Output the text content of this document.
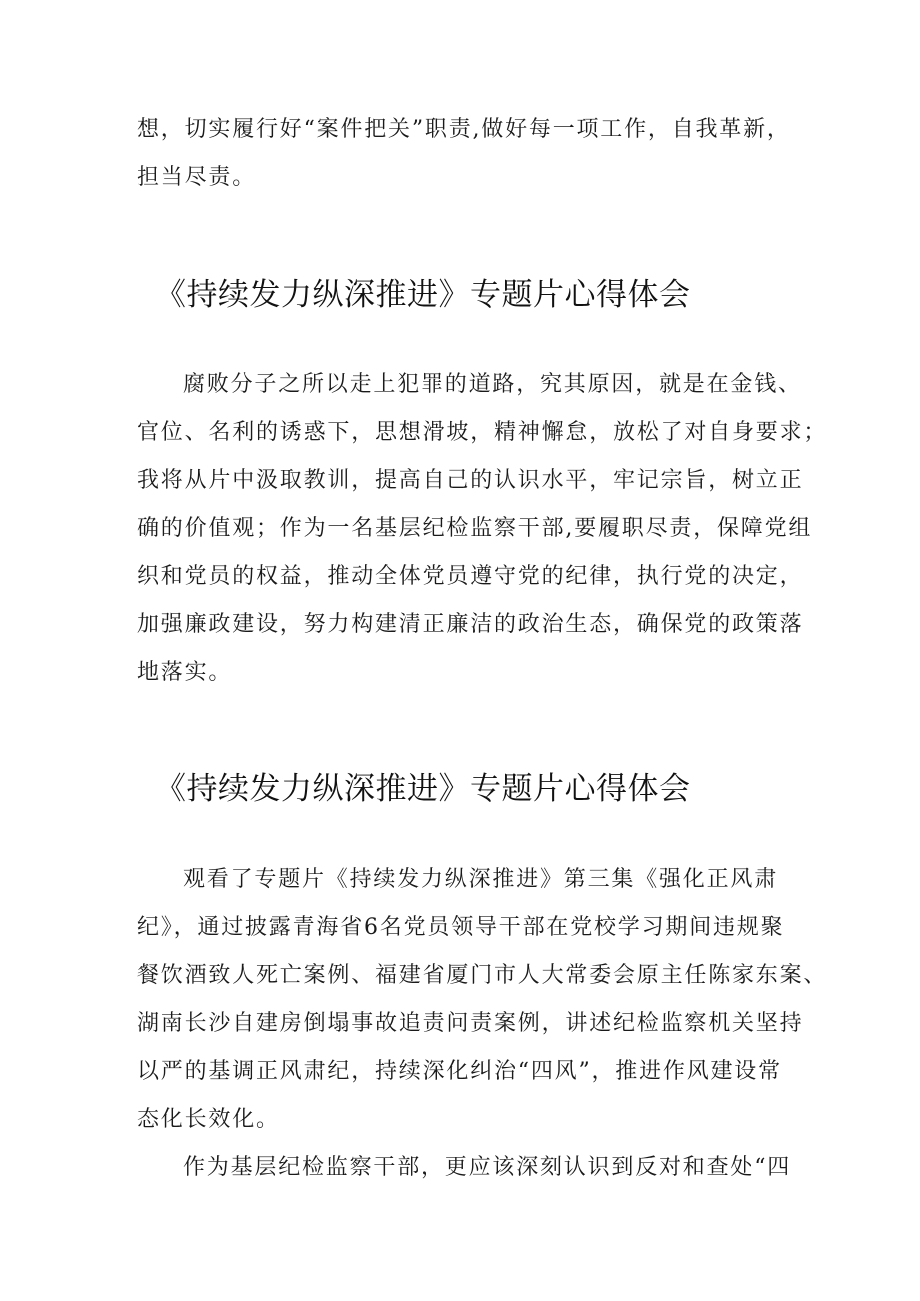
想，切实履行好“案件把关”职责,做好每一项工作，自我革新，
担当尽责。
《持续发力纵深推进》专题片心得体会
腐败分子之所以走上犯罪的道路，究其原因，就是在金钱、
官位、名利的诱惑下，思想滑坡，精神懈怠，放松了对自身要求；
我将从片中汲取教训，提高自己的认识水平，牢记宗旨，树立正
确的价值观；作为一名基层纪检监察干部,要履职尽责，保障党组
织和党员的权益，推动全体党员遵守党的纪律，执行党的决定，
加强廉政建设，努力构建清正廉洁的政治生态，确保党的政策落
地落实。
《持续发力纵深推进》专题片心得体会
观看了专题片《持续发力纵深推进》第三集《强化正风肃
纪》，通过披露青海省6名党员领导干部在党校学习期间违规聚
餐饮酒致人死亡案例、福建省厦门市人大常委会原主任陈家东案、
湖南长沙自建房倒塌事故追责问责案例，讲述纪检监察机关坚持
以严的基调正风肃纪，持续深化纠治“四风”，推进作风建设常
态化长效化。
作为基层纪检监察干部，更应该深刻认识到反对和查处“四
